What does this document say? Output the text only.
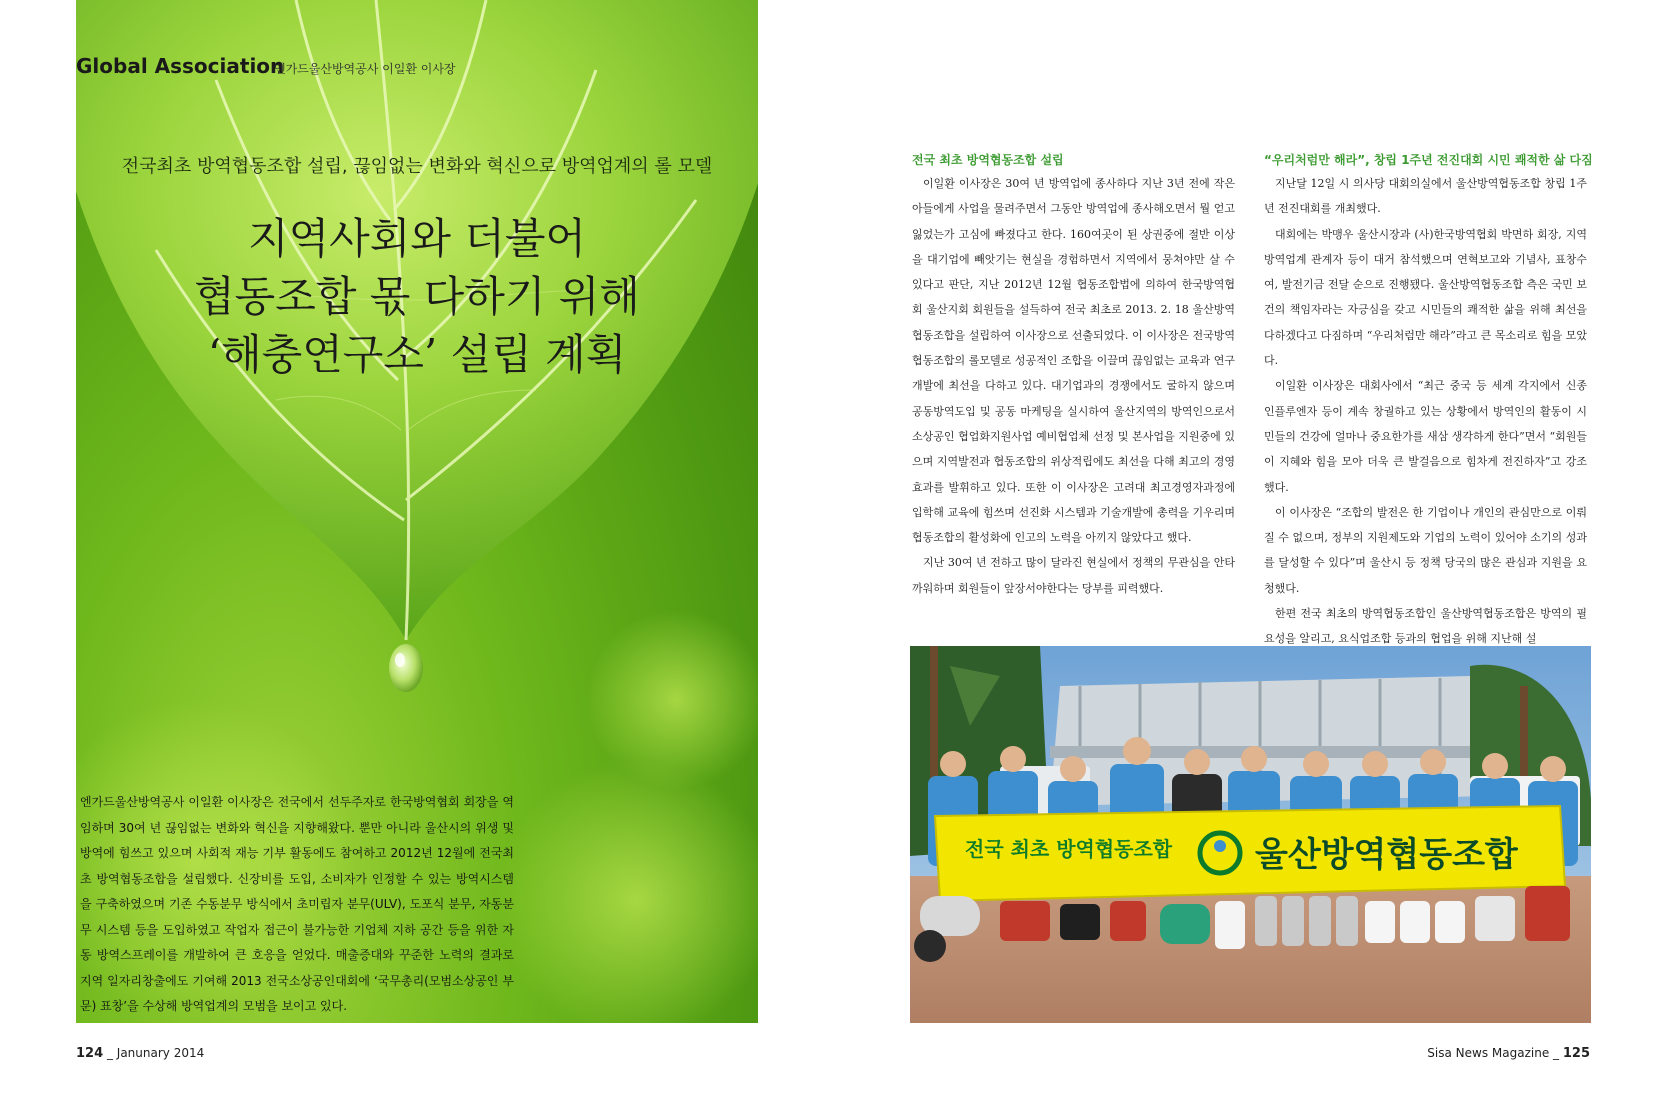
Global Association
엔가드울산방역공사 이일환 이사장
전국최초 방역협동조합 설립, 끊임없는 변화와 혁신으로 방역업계의 롤 모델
지역사회와 더불어
협동조합 몫 다하기 위해
‘해충연구소’ 설립 계획
엔가드울산방역공사 이일환 이사장은 전국에서 선두주자로 한국방역협회 회장을 역임하며 30여 년 끊임없는 변화와 혁신을 지향해왔다. 뿐만 아니라 울산시의 위생 및 방역에 힘쓰고 있으며 사회적 재능 기부 활동에도 참여하고 2012년 12월에 전국최초 방역협동조합을 설립했다. 신장비를 도입, 소비자가 인정할 수 있는 방역시스템을 구축하였으며 기존 수동분무 방식에서 초미립자 분무(ULV), 도포식 분무, 자동분무 시스템 등을 도입하였고 작업자 접근이 불가능한 기업체 지하 공간 등을 위한 자동 방역스프레이를 개발하여 큰 호응을 얻었다. 매출증대와 꾸준한 노력의 결과로 지역 일자리창출에도 기여해 2013 전국소상공인대회에 ‘국무총리(모범소상공인 부문) 표창’을 수상해 방역업계의 모범을 보이고 있다.
124 _ Janunary 2014
전국 최초 방역협동조합 설립

이일환 이사장은 30여 년 방역업에 종사하다 지난 3년 전에 작은아들에게 사업을 물려주면서 그동안 방역업에 종사해오면서 뭘 얻고 잃었는가 고심에 빠졌다고 한다. 160여곳이 된 상권중에 절반 이상을 대기업에 빼앗기는 현실을 경험하면서 지역에서 뭉쳐야만 살 수 있다고 판단, 지난 2012년 12월 협동조합법에 의하여 한국방역협회 울산지회 회원들을 설득하여 전국 최초로 2013. 2. 18 울산방역협동조합을 설립하여 이사장으로 선출되었다. 이 이사장은 전국방역협동조합의 롤모델로 성공적인 조합을 이끌며 끊임없는 교육과 연구개발에 최선을 다하고 있다. 대기업과의 경쟁에서도 굴하지 않으며 공동방역도입 및 공동 마케팅을 실시하여 울산지역의 방역인으로서 소상공인 협업화지원사업 예비협업체 선정 및 본사업을 지원중에 있으며 지역발전과 협동조합의 위상적립에도 최선을 다해 최고의 경영효과를 발휘하고 있다. 또한 이 이사장은 고려대 최고경영자과정에 입학해 교육에 힘쓰며 선진화 시스템과 기술개발에 총력을 기우리며 협동조합의 활성화에 인고의 노력을 아끼지 않았다고 했다.

지난 30여 년 전하고 많이 달라진 현실에서 정책의 무관심을 안타까워하며 회원들이 앞장서야한다는 당부를 피력했다.

“우리처럼만 해라”, 창립 1주년 전진대회 시민 쾌적한 삶 다짐

지난달 12일 시 의사당 대회의실에서 울산방역협동조합 창립 1주년 전진대회를 개최했다.

대회에는 박맹우 울산시장과 (사)한국방역협회 박면하 회장, 지역 방역업계 관계자 등이 대거 참석했으며 연혁보고와 기념사, 표창수여, 발전기금 전달 순으로 진행됐다. 울산방역협동조합 측은 국민 보건의 책임자라는 자긍심을 갖고 시민들의 쾌적한 삶을 위해 최선을 다하겠다고 다짐하며 “우리처럼만 해라”라고 큰 목소리로 힘을 모았다.

이일환 이사장은 대회사에서 “최근 중국 등 세계 각지에서 신종 인플루엔자 등이 계속 창궐하고 있는 상황에서 방역인의 활동이 시민들의 건강에 얼마나 중요한가를 새삼 생각하게 한다”면서 “회원들이 지혜와 힘을 모아 더욱 큰 발걸음으로 힘차게 전진하자”고 강조했다.

이 이사장은 “조합의 발전은 한 기업이나 개인의 관심만으로 이뤄질 수 없으며, 정부의 지원제도와 기업의 노력이 있어야 소기의 성과를 달성할 수 있다”며 울산시 등 정책 당국의 많은 관심과 지원을 요청했다.

한편 전국 최초의 방역협동조합인 울산방역협동조합은 방역의 필요성을 알리고, 요식업조합 등과의 협업을 위해 지난해 설

전국 최초 방역협동조합 울산방역협동조합
Sisa News Magazine _ 125
